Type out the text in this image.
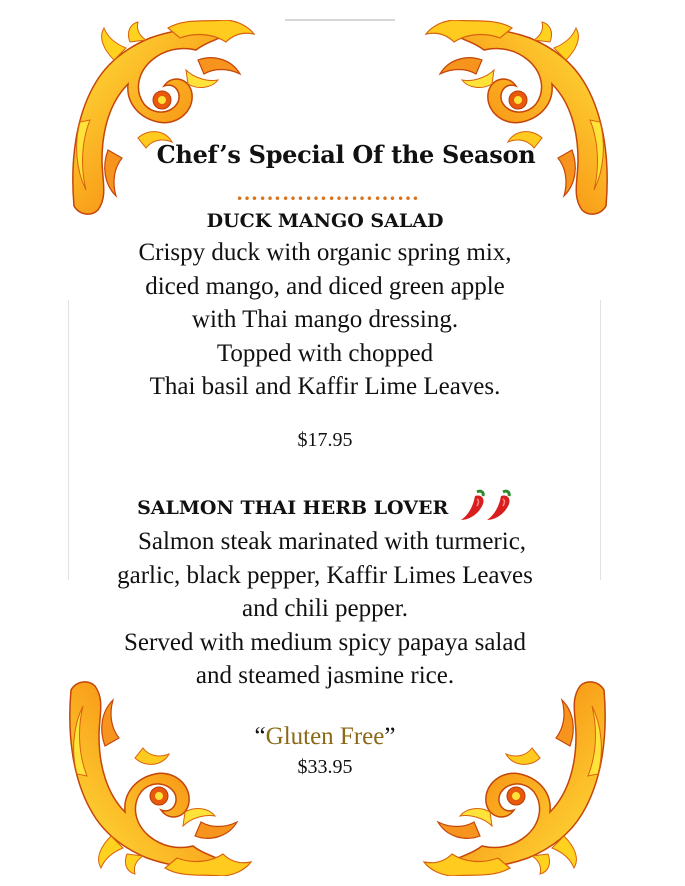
Chef’s Special Of the Season
……………………
DUCK MANGO SALAD
Crispy duck with organic spring mix,
diced mango, and diced green apple
with Thai mango dressing.
Topped with chopped
Thai basil and Kaffir Lime Leaves.
$17.95
SALMON THAI HERB LOVER
Salmon steak marinated with turmeric,
garlic, black pepper, Kaffir Limes Leaves
and chili pepper.
Served with medium spicy papaya salad
and steamed jasmine rice.
“Gluten Free”
$33.95
